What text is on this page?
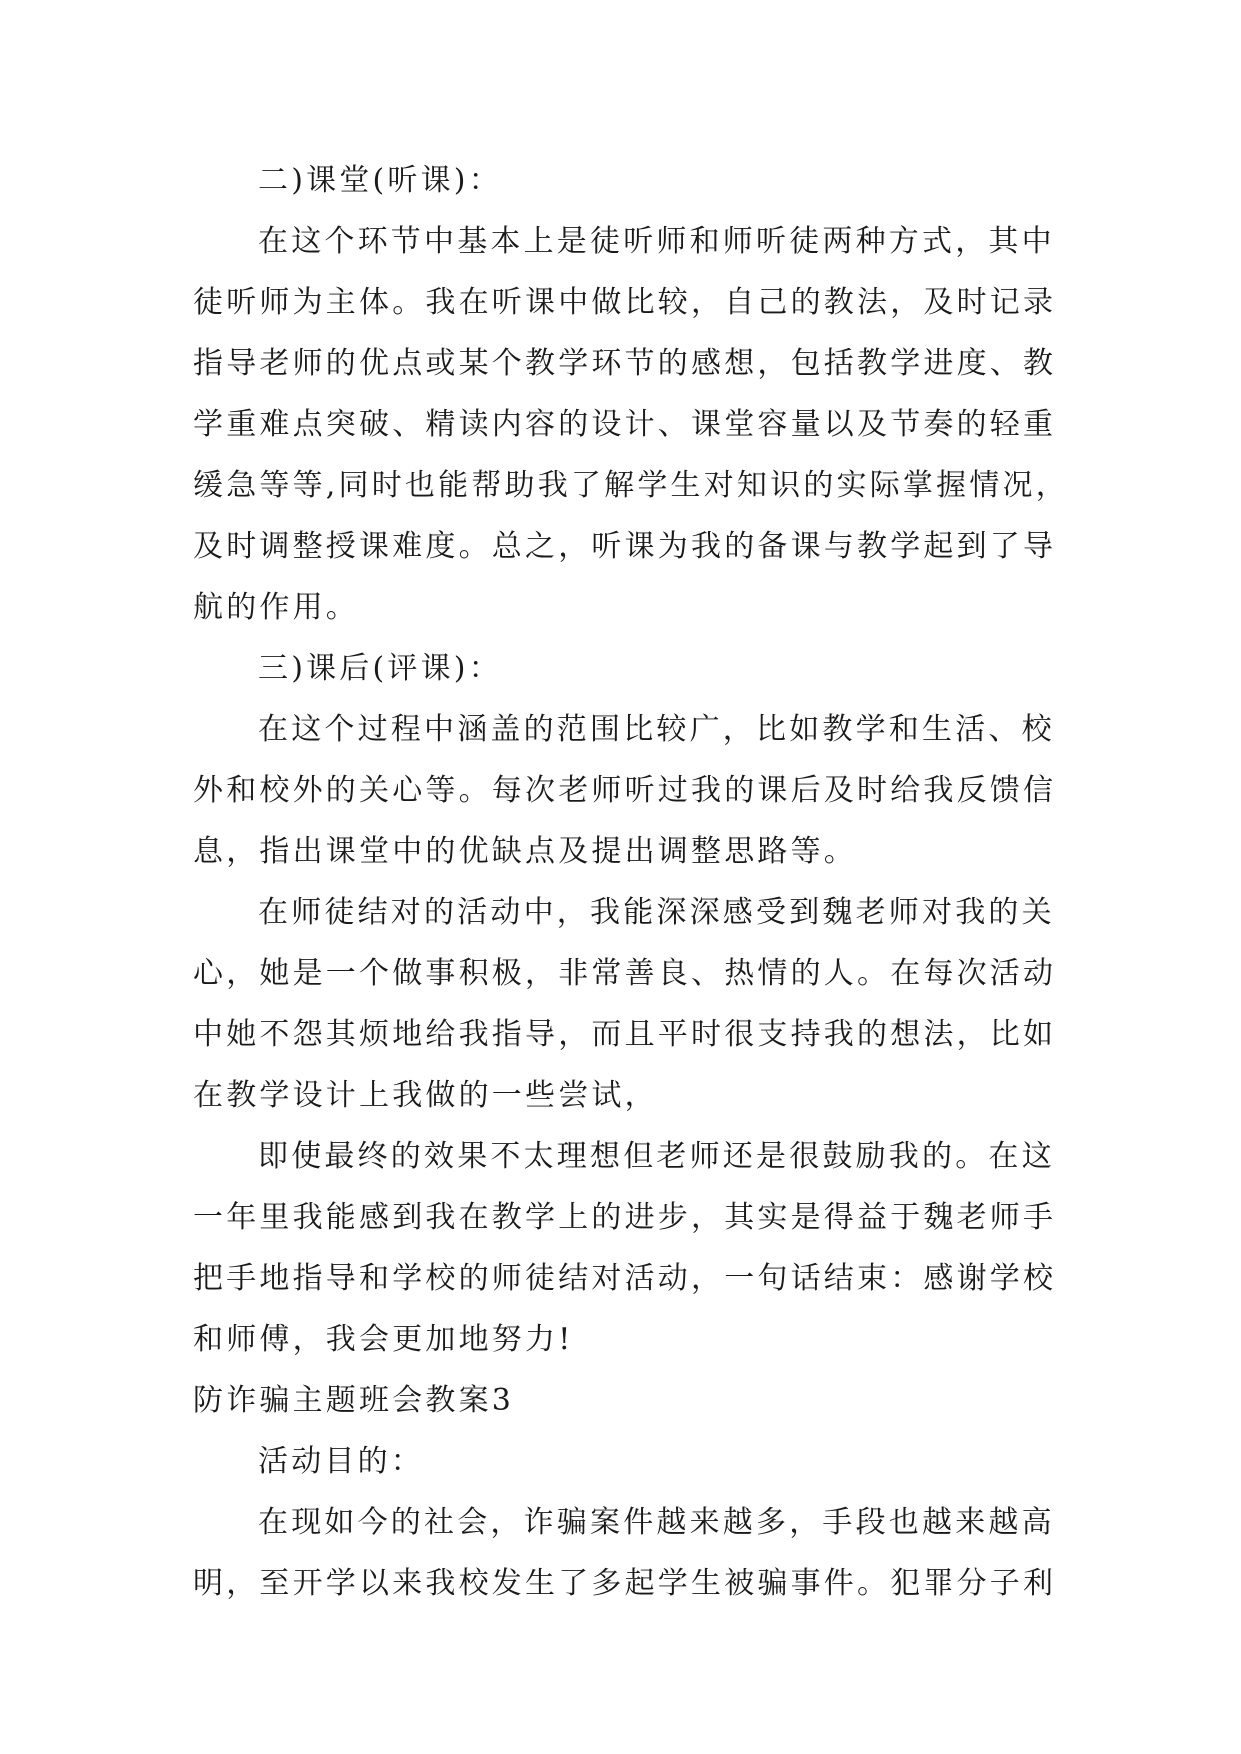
二)课堂(听课)：
在这个环节中基本上是徒听师和师听徒两种方式，其中
徒听师为主体。我在听课中做比较，自己的教法，及时记录
指导老师的优点或某个教学环节的感想，包括教学进度、教
学重难点突破、精读内容的设计、课堂容量以及节奏的轻重
缓急等等,同时也能帮助我了解学生对知识的实际掌握情况，
及时调整授课难度。总之，听课为我的备课与教学起到了导
航的作用。
三)课后(评课)：
在这个过程中涵盖的范围比较广，比如教学和生活、校
外和校外的关心等。每次老师听过我的课后及时给我反馈信
息，指出课堂中的优缺点及提出调整思路等。
在师徒结对的活动中，我能深深感受到魏老师对我的关
心，她是一个做事积极，非常善良、热情的人。在每次活动
中她不怨其烦地给我指导，而且平时很支持我的想法，比如
在教学设计上我做的一些尝试，
即使最终的效果不太理想但老师还是很鼓励我的。在这
一年里我能感到我在教学上的进步，其实是得益于魏老师手
把手地指导和学校的师徒结对活动，一句话结束：感谢学校
和师傅，我会更加地努力!
防诈骗主题班会教案3
活动目的：
在现如今的社会，诈骗案件越来越多，手段也越来越高
明，至开学以来我校发生了多起学生被骗事件。犯罪分子利
